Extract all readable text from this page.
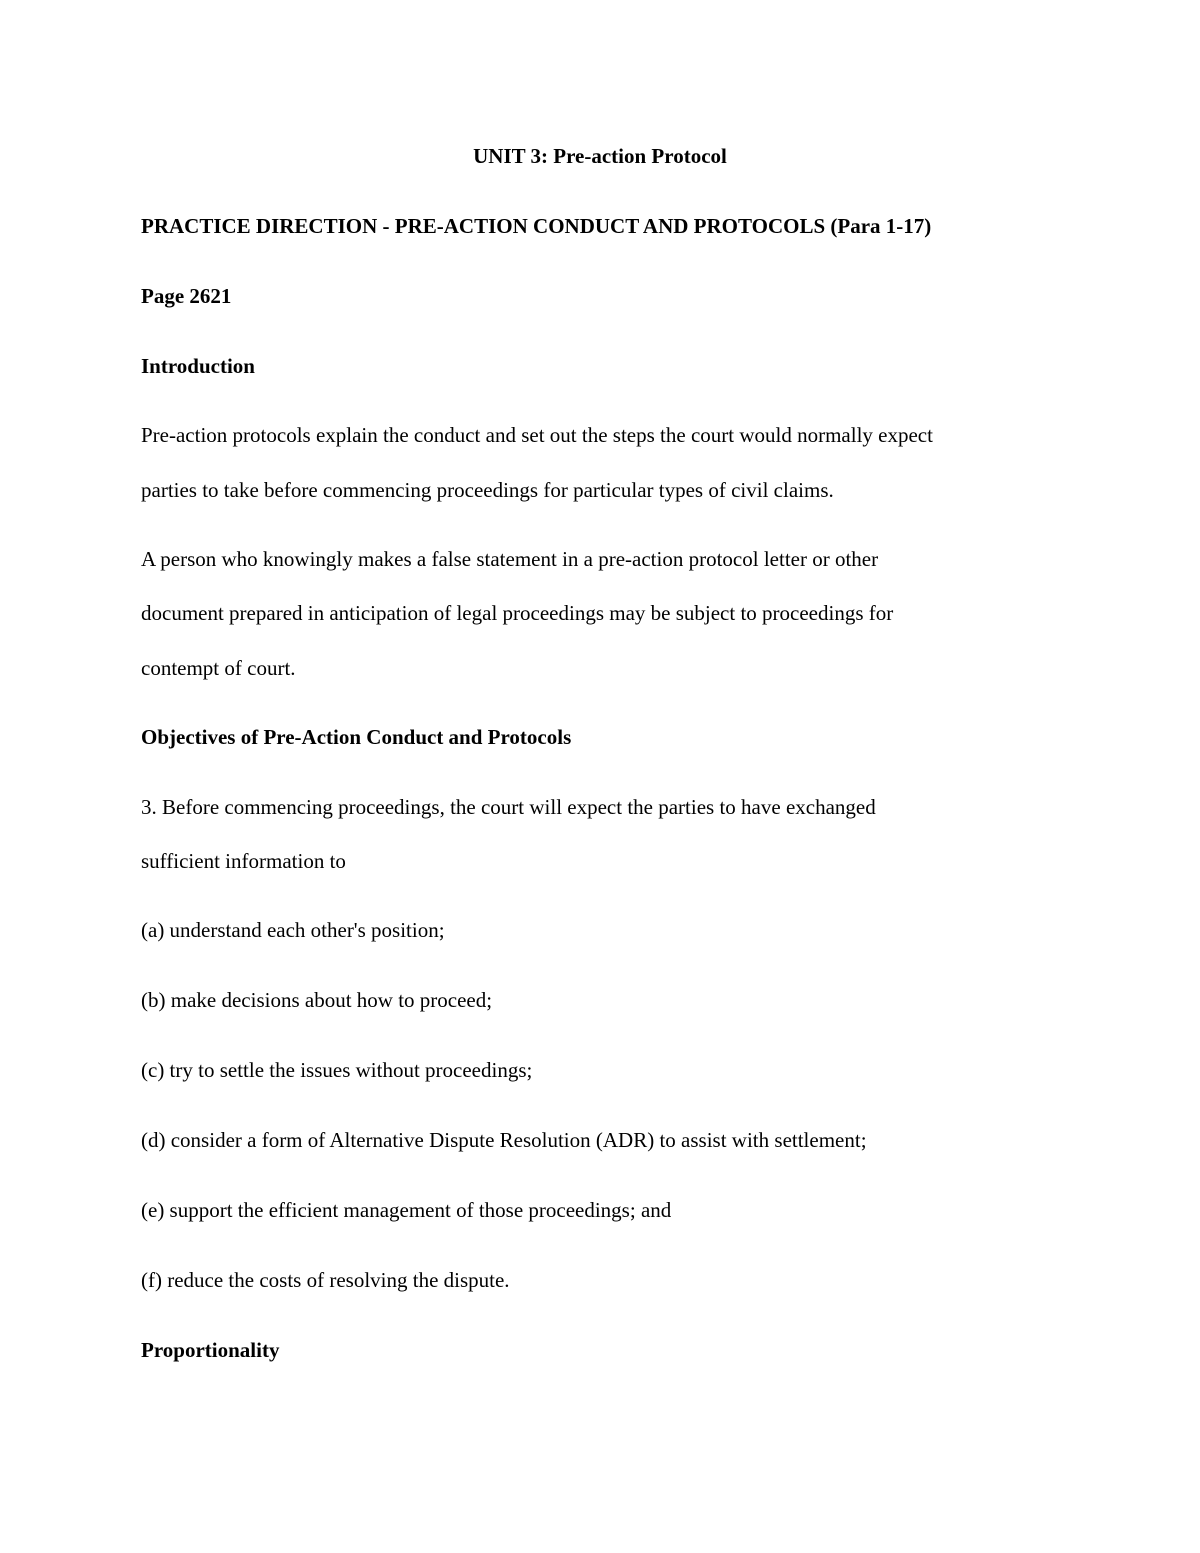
UNIT 3: Pre-action Protocol
PRACTICE DIRECTION - PRE-ACTION CONDUCT AND PROTOCOLS (Para 1-17)
Page 2621
Introduction
Pre-action protocols explain the conduct and set out the steps the court would normally expect
parties to take before commencing proceedings for particular types of civil claims.
A person who knowingly makes a false statement in a pre-action protocol letter or other
document prepared in anticipation of legal proceedings may be subject to proceedings for
contempt of court.
Objectives of Pre-Action Conduct and Protocols
3. Before commencing proceedings, the court will expect the parties to have exchanged
sufficient information to
(a) understand each other's position;
(b) make decisions about how to proceed;
(c) try to settle the issues without proceedings;
(d) consider a form of Alternative Dispute Resolution (ADR) to assist with settlement;
(e) support the efficient management of those proceedings; and
(f) reduce the costs of resolving the dispute.
Proportionality
